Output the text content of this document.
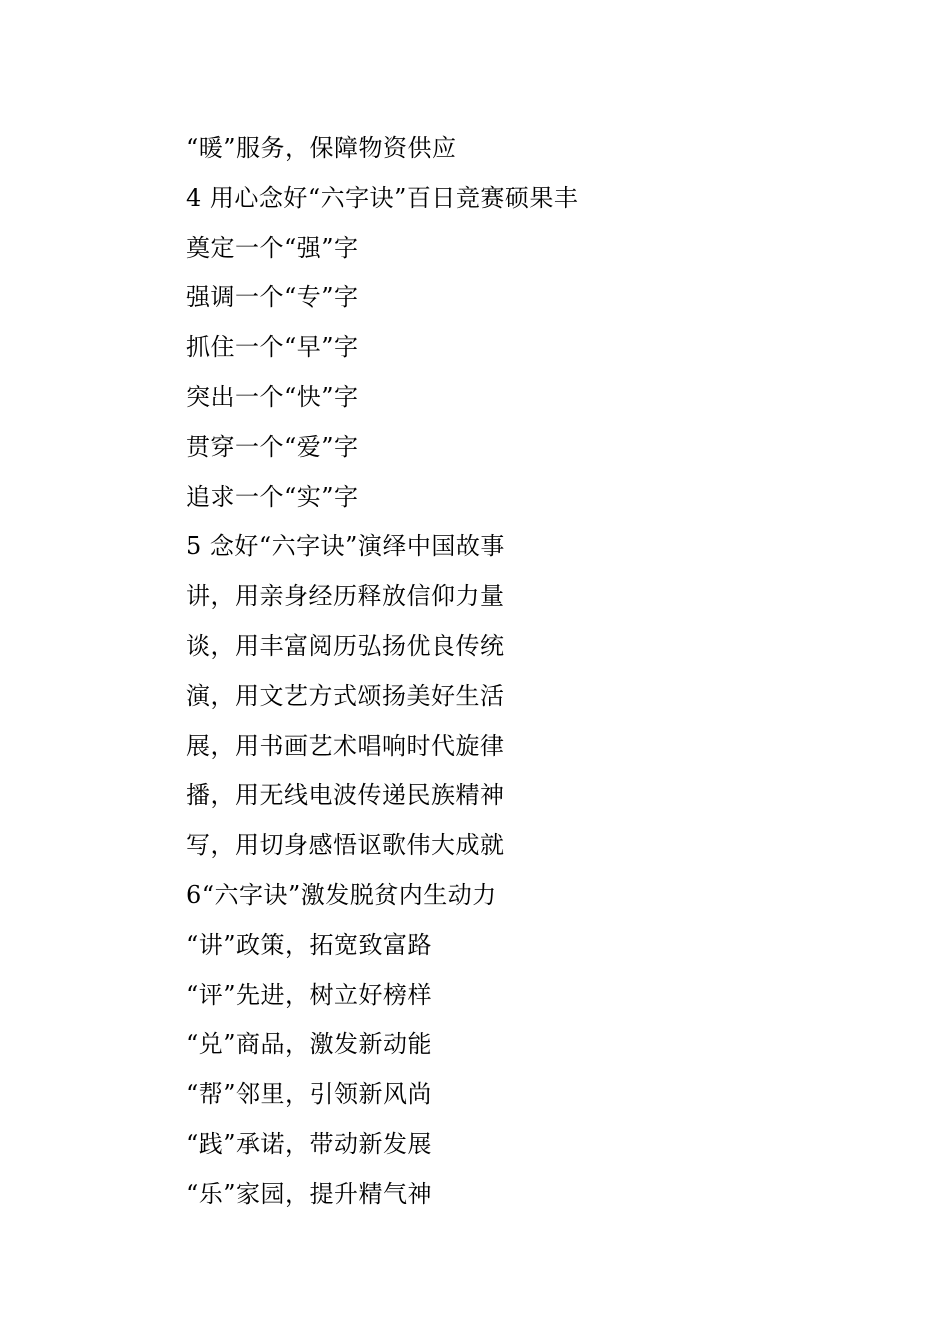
“暖”服务，保障物资供应
4 用心念好“六字诀”百日竞赛硕果丰
奠定一个“强”字
强调一个“专”字
抓住一个“早”字
突出一个“快”字
贯穿一个“爱”字
追求一个“实”字
5 念好“六字诀”演绎中国故事
讲，用亲身经历释放信仰力量
谈，用丰富阅历弘扬优良传统
演，用文艺方式颂扬美好生活
展，用书画艺术唱响时代旋律
播，用无线电波传递民族精神
写，用切身感悟讴歌伟大成就
6“六字诀”激发脱贫内生动力
“讲”政策，拓宽致富路
“评”先进，树立好榜样
“兑”商品，激发新动能
“帮”邻里，引领新风尚
“践”承诺，带动新发展
“乐”家园，提升精气神
